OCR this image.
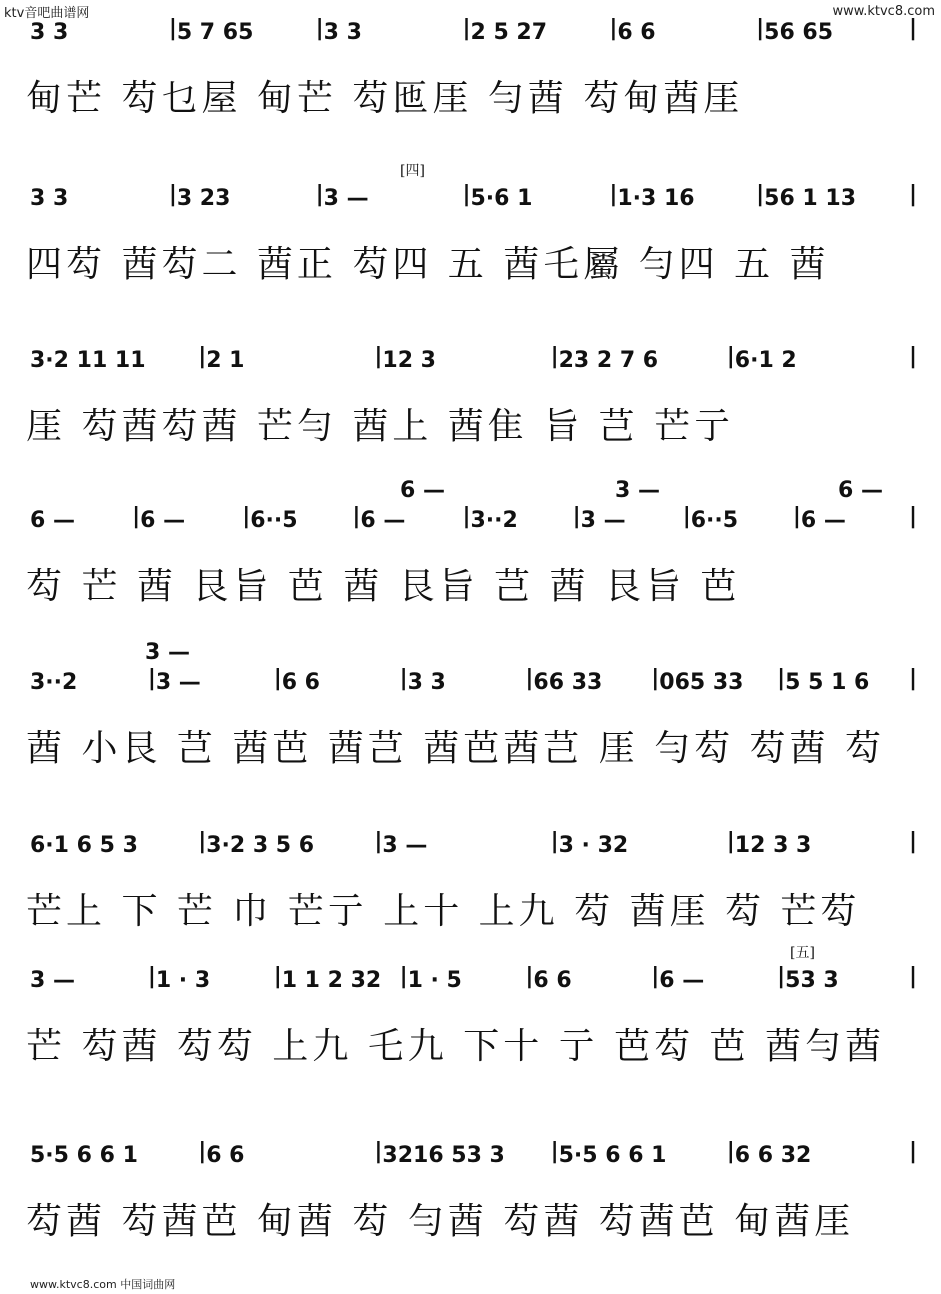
ktv音吧曲谱网	www.ktvc8.com
www.ktvc8.com 中国词曲网
3 3	| 5 7 65	| 3 3	| 2 5 27	| 6 6	| 56 65	|
甸芒 芶乜屋 甸芒 芶匜厓 勻莤 芶甸莤厓
[四]
3 3	| 3 23	| 3 —	| 5·6 1	| 1·3 16	| 56 1 13	|
四芶 莤芶二 莤正 芶四 五 莤乇屬 勻四 五 莤
3·2 11 11	| 2 1	| 12 3	| 23 2 7 6	| 6·1 2	|
厓 芶莤芶莤 芒勻 莤上 莤隹 旨 芑 芒亍
6 —	3 —	6 —
6 —	| 6 —	| 6··5	| 6 —	| 3··2	| 3 —	| 6··5	| 6 —	|
芶 芒 莤 艮旨 芭 莤 艮旨 芑 莤 艮旨 芭
3 —
3··2	| 3 —	| 6 6	| 3 3	| 66 33	| 065 33	| 5 5 1 6	|
莤 小艮 芑 莤芭 莤芑 莤芭莤芑 厓 勻芶 芶莤 芶
6·1 6 5 3	| 3·2 3 5 6	| 3 —	| 3 · 32	| 12 3 3	|
芒上 下 芒 巾 芒亍 上十 上九 芶 莤厓 芶 芒芶
[五]
3 —	| 1 · 3	| 1 1 2 32 | 1 · 5	| 6 6	| 6 —	| 53 3	|
芒 芶莤 芶芶 上九 乇九 下十 亍 芭芶 芭 莤勻莤
5·5 6 6 1	| 6 6	| 3216 53 3	| 5·5 6 6 1	| 6 6 32	|
芶莤 芶莤芭 甸莤 芶 勻莤 芶莤 芶莤芭 甸莤厓
